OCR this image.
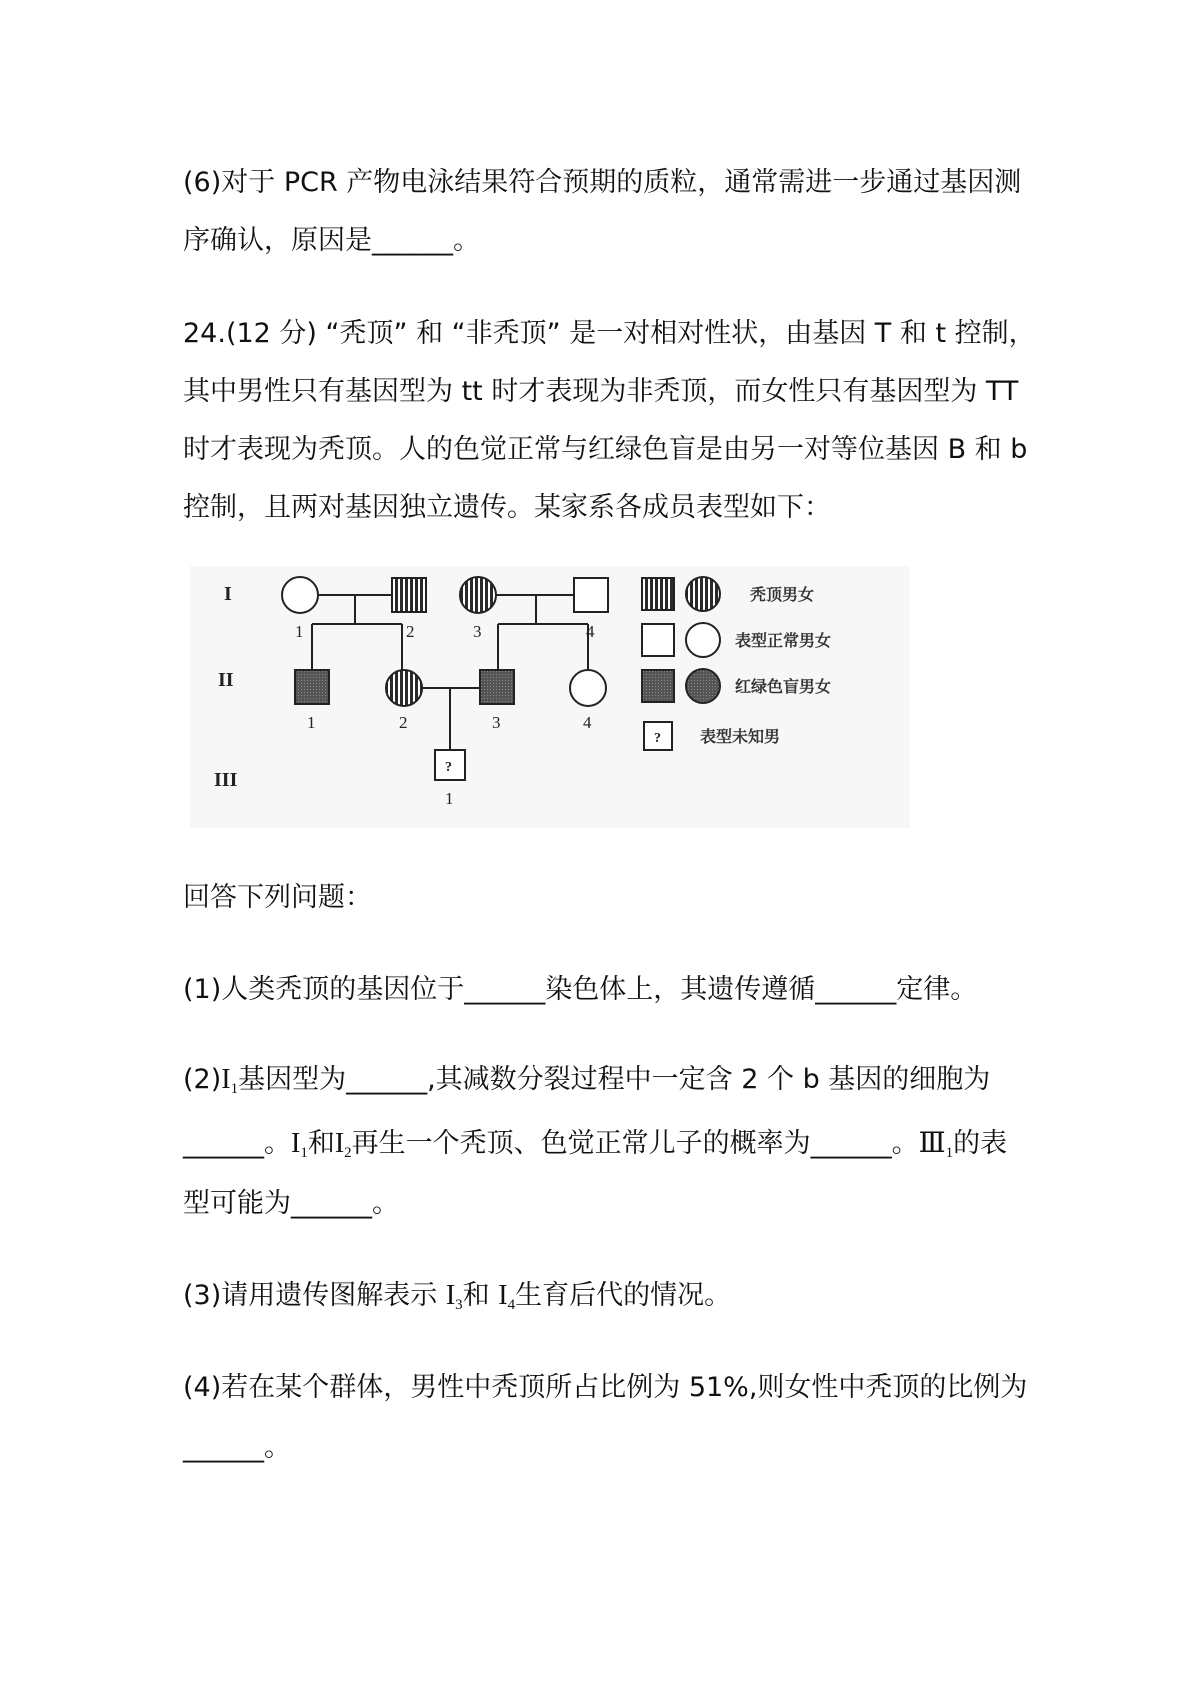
(6)对于 PCR 产物电泳结果符合预期的质粒，通常需进一步通过基因测
序确认，原因是______。
24.(12 分) “秃顶” 和 “非秃顶” 是一对相对性状，由基因 T 和 t 控制，
其中男性只有基因型为 tt 时才表现为非秃顶，而女性只有基因型为 TT
时才表现为秃顶。人的色觉正常与红绿色盲是由另一对等位基因 B 和 b
控制，且两对基因独立遗传。某家系各成员表型如下：
I
II
III
1	2	3	4
1	2	3	4
?
1
秃顶男女
表型正常男女
红绿色盲男女
? 表型未知男
回答下列问题：
(1)人类秃顶的基因位于______染色体上，其遗传遵循______定律。
$(2)I_1$基因型为______,其减数分裂过程中一定含 2 个 b 基因的细胞为
______。$I_1$和$I_2$再生一个秃顶、色觉正常儿子的概率为______。$Ⅲ_1$的表
型可能为______。
(3)请用遗传图解表示 $I_3$和 $I_4$生育后代的情况。
(4)若在某个群体，男性中秃顶所占比例为 51%,则女性中秃顶的比例为
______。
